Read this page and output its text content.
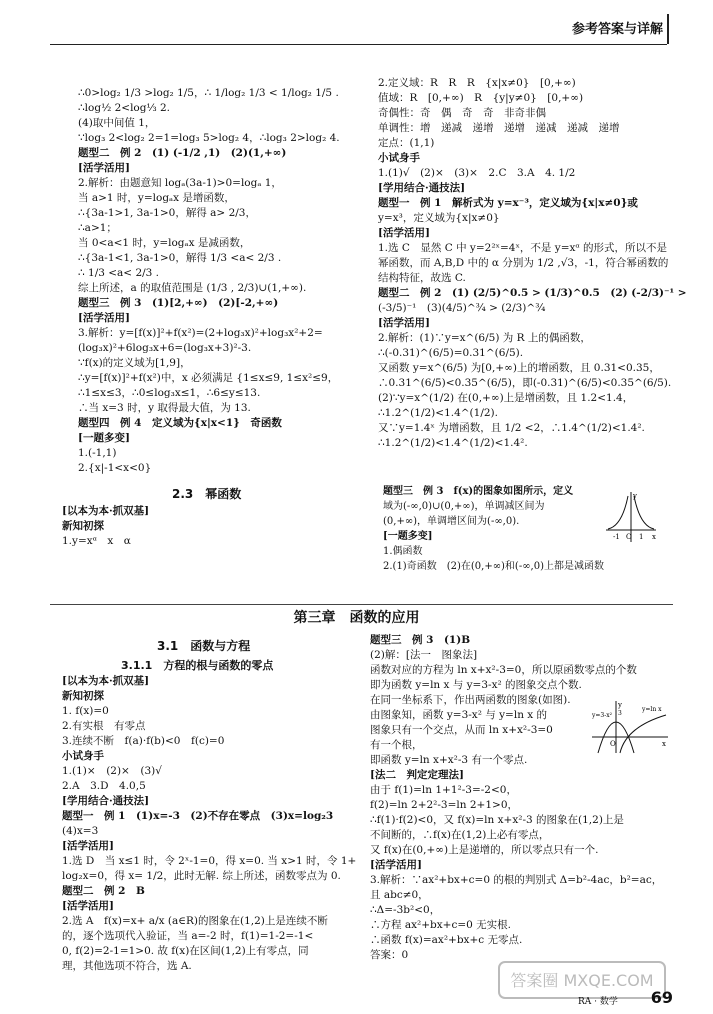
参考答案与详解
∴0>log₂ 1/3 >log₂ 1/5，∴ 1/log₂ 1/3 < 1/log₂ 1/5 .
∴log½ 2<log⅓ 2.
(4)取中间值 1，
∵log₃ 2<log₂ 2=1=log₃ 5>log₂ 4，∴log₃ 2>log₂ 4.
题型二　例 2　(1) (-1/2 ,1)　(2)(1,+∞)
[活学活用]
2.解析：由题意知 logₐ(3a-1)>0=logₐ 1，
当 a>1 时，y=logₐx 是增函数，
∴{3a-1>1, 3a-1>0，解得 a> 2/3，
∴a>1；
当 0<a<1 时，y=logₐx 是减函数，
∴{3a-1<1, 3a-1>0，解得 1/3 <a< 2/3 .
∴ 1/3 <a< 2/3 .
综上所述，a 的取值范围是 (1/3 , 2/3)∪(1,+∞).
题型三　例 3　(1)[2,+∞)　(2)[-2,+∞)
[活学活用]
3.解析：y=[f(x)]²+f(x²)=(2+log₃x)²+log₃x²+2=
(log₃x)²+6log₃x+6=(log₃x+3)²-3.
∵f(x)的定义域为[1,9]，
∴y=[f(x)]²+f(x²)中，x 必须满足 {1≤x≤9, 1≤x²≤9，
∴1≤x≤3，∴0≤log₃x≤1，∴6≤y≤13.
∴当 x=3 时，y 取得最大值，为 13.
题型四　例 4　定义域为{x|x<1}　奇函数
[一题多变]
1.(-1,1)
2.{x|-1<x<0}
2.3　幂函数
[以本为本·抓双基]
新知初探
1.y=xᵅ　x　α
2.定义域：R　R　R　{x|x≠0}　[0,+∞)
值域：R　[0,+∞)　R　{y|y≠0}　[0,+∞)
奇偶性：奇　偶　奇　奇　非奇非偶
单调性：增　递减　递增　递增　递减　递减　递增
定点：(1,1)
小试身手
1.(1)√　(2)×　(3)×　2.C　3.A　4. 1/2
[学用结合·通技法]
题型一　例 1　解析式为 y=x⁻³，定义域为{x|x≠0}或
y=x³，定义域为{x|x≠0}
[活学活用]
1.选 C　显然 C 中 y=2²ˣ=4ˣ，不是 y=xᵅ 的形式，所以不是
幂函数，而 A,B,D 中的 α 分别为 1/2 ,√3，-1，符合幂函数的
结构特征，故选 C.
题型二　例 2　(1) (2/5)^0.5 > (1/3)^0.5　(2) (-2/3)⁻¹ >
(-3/5)⁻¹　(3)(4/5)^¾ > (2/3)^¾
[活学活用]
2.解析：(1)∵y=x^(6/5) 为 R 上的偶函数，
∴(-0.31)^(6/5)=0.31^(6/5).
又函数 y=x^(6/5) 为[0,+∞)上的增函数，且 0.31<0.35，
∴0.31^(6/5)<0.35^(6/5)，即(-0.31)^(6/5)<0.35^(6/5).
(2)∵y=x^(1/2) 在(0,+∞)上是增函数，且 1.2<1.4，
∴1.2^(1/2)<1.4^(1/2).
又∵y=1.4ˣ 为增函数，且 1/2 <2，∴1.4^(1/2)<1.4².
∴1.2^(1/2)<1.4^(1/2)<1.4².
题型三　例 3　f(x)的图象如图所示，定义
域为(-∞,0)∪(0,+∞)，单调减区间为
(0,+∞)，单调增区间为(-∞,0).
[一题多变]
1.偶函数
2.(1)奇函数　(2)在(0,+∞)和(-∞,0)上都是减函数
y
O	x
-1	1
第三章　函数的应用
3.1　函数与方程
3.1.1　方程的根与函数的零点
[以本为本·抓双基]
新知初探
1. f(x)=0
2.有实根　有零点
3.连续不断　f(a)·f(b)<0　f(c)=0
小试身手
1.(1)×　(2)×　(3)√
2.A　3.D　4.0,5
[学用结合·通技法]
题型一　例 1　(1)x=-3　(2)不存在零点　(3)x=log₂3
(4)x=3
[活学活用]
1.选 D　当 x≤1 时，令 2ˣ-1=0，得 x=0. 当 x>1 时，令 1+
log₂x=0，得 x= 1/2，此时无解. 综上所述，函数零点为 0.
题型二　例 2　B
[活学活用]
2.选 A　f(x)=x+ a/x (a∈R)的图象在(1,2)上是连续不断
的，逐个选项代入验证，当 a=-2 时，f(1)=1-2=-1<
0, f(2)=2-1=1>0. 故 f(x)在区间(1,2)上有零点，同
理，其他选项不符合，选 A.
题型三　例 3　(1)B
(2)解：[法一　图象法]
函数对应的方程为 ln x+x²-3=0，所以原函数零点的个数
即为函数 y=ln x 与 y=3-x² 的图象交点个数.
在同一坐标系下，作出两函数的图象(如图).
由图象知，函数 y=3-x² 与 y=ln x 的
图象只有一个交点，从而 ln x+x²-3=0
有一个根，
即函数 y=ln x+x²-3 有一个零点.
[法二　判定定理法]
由于 f(1)=ln 1+1²-3=-2<0，
f(2)=ln 2+2²-3=ln 2+1>0，
∴f(1)·f(2)<0，又 f(x)=ln x+x²-3 的图象在(1,2)上是
不间断的，∴f(x)在(1,2)上必有零点，
又 f(x)在(0,+∞)上是递增的，所以零点只有一个.
[活学活用]
3.解析：∵ax²+bx+c=0 的根的判别式 Δ=b²-4ac，b²=ac，
且 abc≠0，
∴Δ=-3b²<0，
∴方程 ax²+bx+c=0 无实根.
∴函数 f(x)=ax²+bx+c 无零点.
答案：0
y
y=3-x²
y=ln x
O	x
3
答案圈 MXQE.COM
RA · 数学 69
